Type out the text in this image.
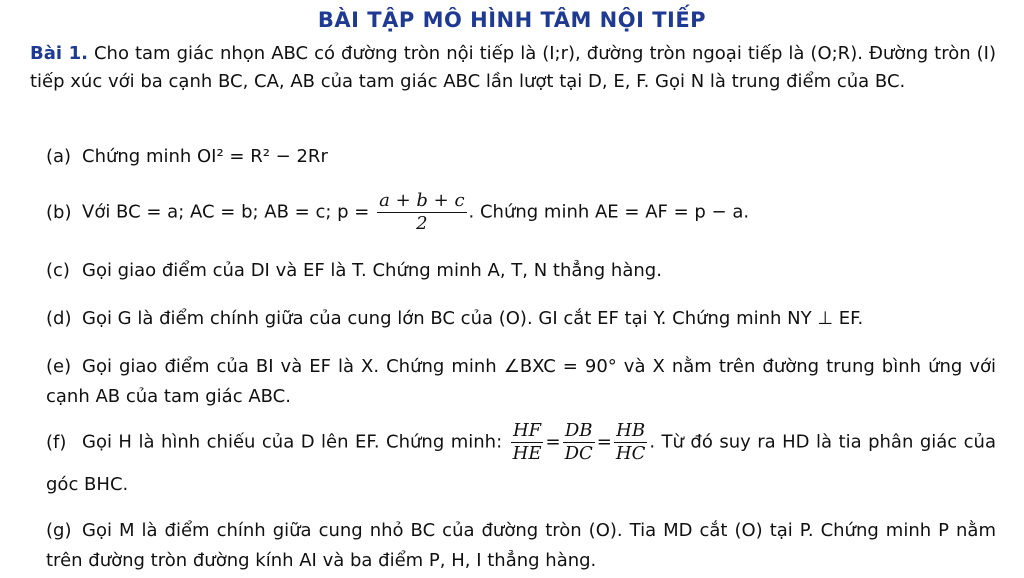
BÀI TẬP MÔ HÌNH TÂM NỘI TIẾP
Bài 1. Cho tam giác nhọn ABC có đường tròn nội tiếp là (I;r), đường tròn ngoại tiếp là (O;R). Đường tròn (I) tiếp xúc với ba cạnh BC, CA, AB của tam giác ABC lần lượt tại D, E, F. Gọi N là trung điểm của BC.
(a) Chứng minh OI² = R² − 2Rr
(b) Với BC = a; AC = b; AB = c; $p = \frac{a + b + c}{2}$ . Chứng minh AE = AF = p − a.
(c) Gọi giao điểm của DI và EF là T. Chứng minh A, T, N thẳng hàng.
(d) Gọi G là điểm chính giữa của cung lớn BC của (O). GI cắt EF tại Y. Chứng minh NY ⊥ EF.
(e) Gọi giao điểm của BI và EF là X. Chứng minh ∠BXC = 90° và X nằm trên đường trung bình ứng với cạnh AB của tam giác ABC.
(f) Gọi H là hình chiếu của D lên EF. Chứng minh: $\frac{HF}{HE} = \frac{DB}{DC} = \frac{HB}{HC}$ . Từ đó suy ra HD là tia phân giác của góc BHC.
(g) Gọi M là điểm chính giữa cung nhỏ BC của đường tròn (O). Tia MD cắt (O) tại P. Chứng minh P nằm trên đường tròn đường kính AI và ba điểm P, H, I thẳng hàng.
